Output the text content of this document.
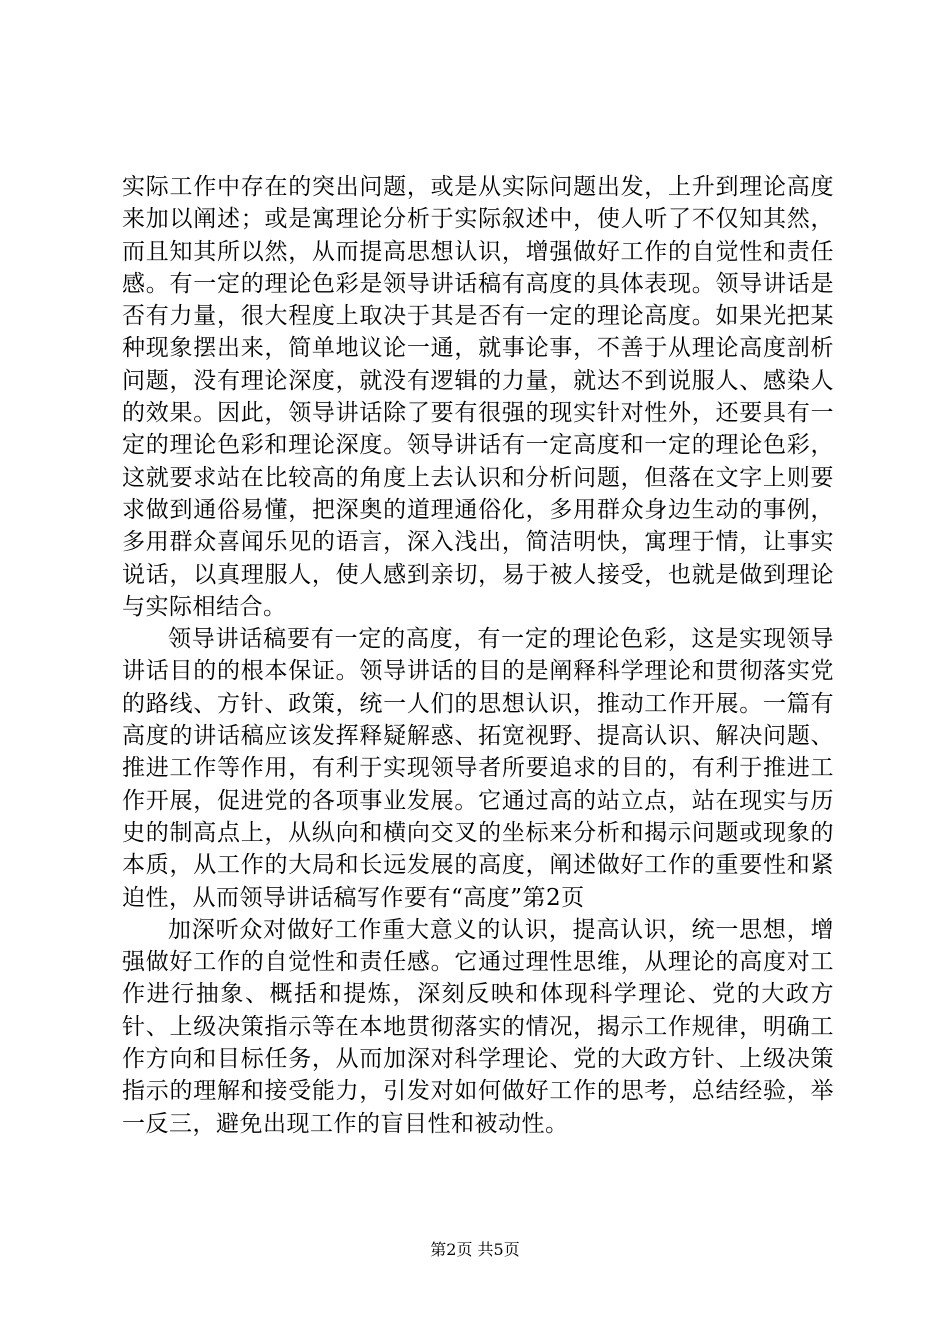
实际工作中存在的突出问题，或是从实际问题出发，上升到理论高度来加以阐述；或是寓理论分析于实际叙述中，使人听了不仅知其然，而且知其所以然，从而提高思想认识，增强做好工作的自觉性和责任感。有一定的理论色彩是领导讲话稿有高度的具体表现。领导讲话是否有力量，很大程度上取决于其是否有一定的理论高度。如果光把某种现象摆出来，简单地议论一通，就事论事，不善于从理论高度剖析问题，没有理论深度，就没有逻辑的力量，就达不到说服人、感染人的效果。因此，领导讲话除了要有很强的现实针对性外，还要具有一定的理论色彩和理论深度。领导讲话有一定高度和一定的理论色彩，这就要求站在比较高的角度上去认识和分析问题，但落在文字上则要求做到通俗易懂，把深奥的道理通俗化，多用群众身边生动的事例，多用群众喜闻乐见的语言，深入浅出，简洁明快，寓理于情，让事实说话，以真理服人，使人感到亲切，易于被人接受，也就是做到理论与实际相结合。

领导讲话稿要有一定的高度，有一定的理论色彩，这是实现领导讲话目的的根本保证。领导讲话的目的是阐释科学理论和贯彻落实党的路线、方针、政策，统一人们的思想认识，推动工作开展。一篇有高度的讲话稿应该发挥释疑解惑、拓宽视野、提高认识、解决问题、推进工作等作用，有利于实现领导者所要追求的目的，有利于推进工作开展，促进党的各项事业发展。它通过高的站立点，站在现实与历史的制高点上，从纵向和横向交叉的坐标来分析和揭示问题或现象的本质，从工作的大局和长远发展的高度，阐述做好工作的重要性和紧迫性，从而领导讲话稿写作要有“高度”第2页

加深听众对做好工作重大意义的认识，提高认识，统一思想，增强做好工作的自觉性和责任感。它通过理性思维，从理论的高度对工作进行抽象、概括和提炼，深刻反映和体现科学理论、党的大政方针、上级决策指示等在本地贯彻落实的情况，揭示工作规律，明确工作方向和目标任务，从而加深对科学理论、党的大政方针、上级决策指示的理解和接受能力，引发对如何做好工作的思考，总结经验，举一反三，避免出现工作的盲目性和被动性。

第2页 共5页
